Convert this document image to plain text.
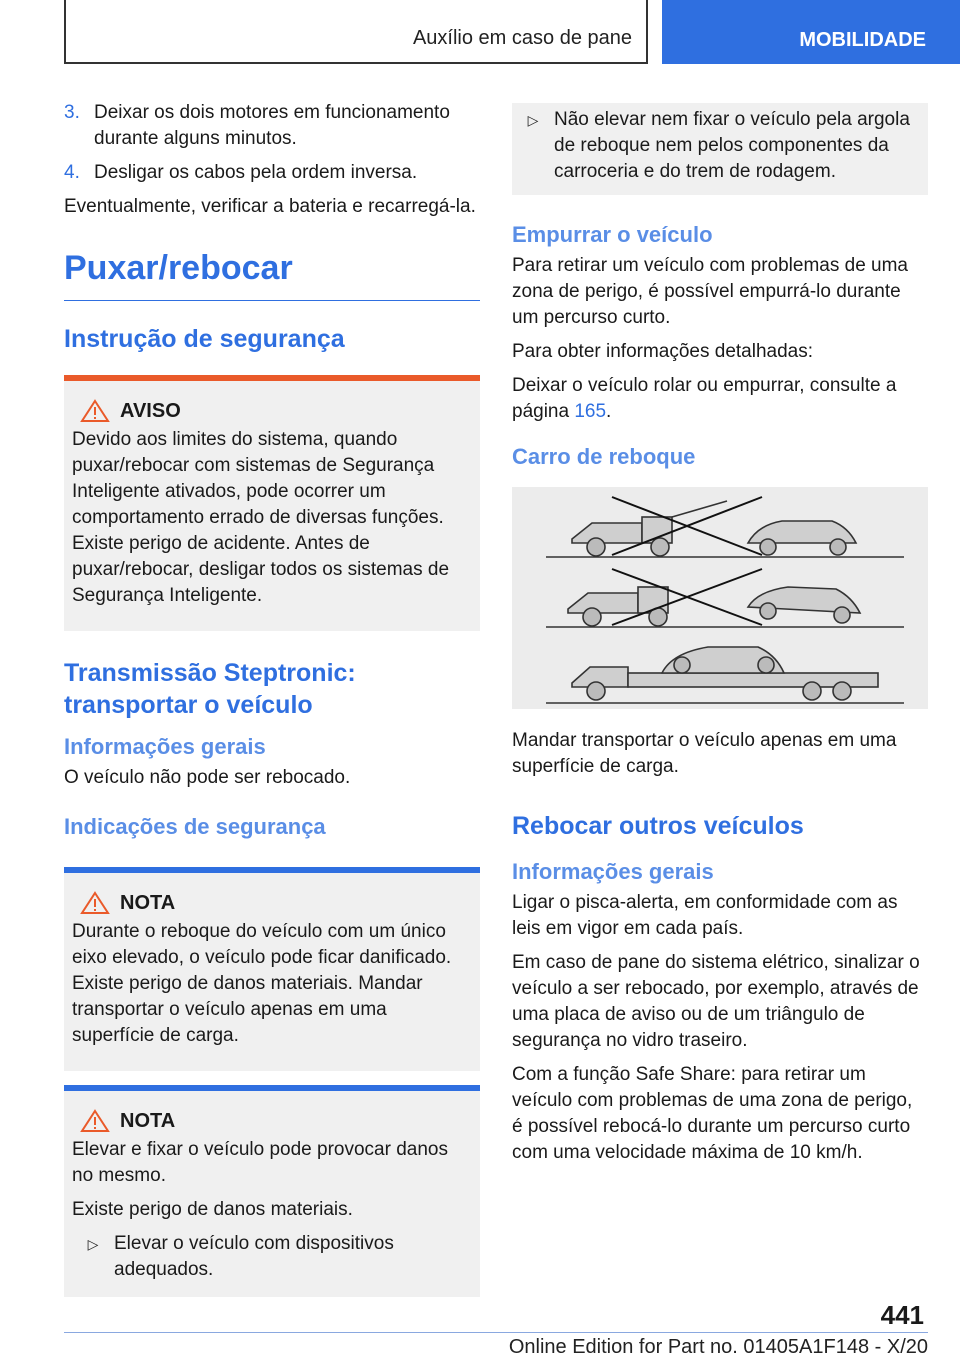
Auxílio em caso de pane	MOBILIDADE
3. Deixar os dois motores em funcionamento durante alguns minutos.
4. Desligar os cabos pela ordem inversa.

Eventualmente, verificar a bateria e recarregá-la.

Puxar/rebocar
Instrução de segurança
AVISO

Devido aos limites do sistema, quando puxar/rebocar com sistemas de Segurança Inteligente ativados, pode ocorrer um comportamento errado de diversas funções. Existe perigo de acidente. Antes de puxar/rebocar, desligar todos os sistemas de Segurança Inteligente.

Transmissão Steptronic: transportar o veículo
Informações gerais

O veículo não pode ser rebocado.

Indicações de segurança
NOTA

Durante o reboque do veículo com um único eixo elevado, o veículo pode ficar danificado. Existe perigo de danos materiais. Mandar transportar o veículo apenas em uma superfície de carga.

NOTA

Elevar e fixar o veículo pode provocar danos no mesmo.

Existe perigo de danos materiais.

▷ Elevar o veículo com dispositivos adequados.
▷ Não elevar nem fixar o veículo pela argola de reboque nem pelos componentes da carroceria e do trem de rodagem.
Empurrar o veículo

Para retirar um veículo com problemas de uma zona de perigo, é possível empurrá-lo durante um percurso curto.

Para obter informações detalhadas:

Deixar o veículo rolar ou empurrar, consulte a página 165.

Carro de reboque

Mandar transportar o veículo apenas em uma superfície de carga.

Rebocar outros veículos
Informações gerais

Ligar o pisca-alerta, em conformidade com as leis em vigor em cada país.

Em caso de pane do sistema elétrico, sinalizar o veículo a ser rebocado, por exemplo, através de uma placa de aviso ou de um triângulo de segurança no vidro traseiro.

Com a função Safe Share: para retirar um veículo com problemas de uma zona de perigo, é possível rebocá-lo durante um percurso curto com uma velocidade máxima de 10 km/h.

441
Online Edition for Part no. 01405A1F148 - X/20
